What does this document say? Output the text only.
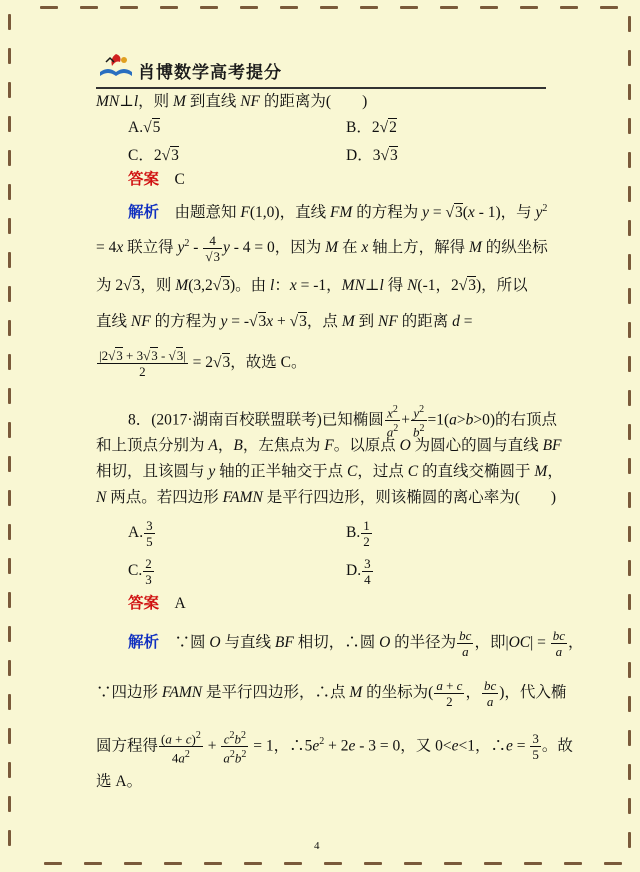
肖博数学高考提分
MN⊥l，则 M 到直线 NF 的距离为(　　)
A.√5	B．2√2
C．2√3	D．3√3
答案　 C
解析　由题意知 F(1,0)，直线 FM 的方程为 y = √3(x - 1)，与 $y^2$
= 4x 联立得 $y^2 - \frac{4}{√3}$ y - 4 = 0，因为 M 在 x 轴上方，解得 M 的纵坐标
为 2√3，则 M(3,2√3)。由 l：x = -1，MN⊥l 得 N(-1，2√3)，所以
直线 NF 的方程为 y = -√3x + √3，点 M 到 NF 的距离 d =
$\frac{|2√3 + 3√3 - √3|}{2} = 2√3$，故选 C。
8．(2017·湖南百校联盟联考)已知椭圆 $\frac{x^2}{a^2} + \frac{y^2}{b^2} =1(a>b>0)$的右顶点
和上顶点分别为 A，B，左焦点为 F。以原点 O 为圆心的圆与直线 BF
相切，且该圆与 y 轴的正半轴交于点 C，过点 C 的直线交椭圆于 M，
N 两点。若四边形 FAMN 是平行四边形，则该椭圆的离心率为(　　)
A. $\frac{3}{5}$	B. $\frac{1}{2}$
C. $\frac{2}{3}$	D. $\frac{3}{4}$
答案　 A
解析　∵圆 O 与直线 BF 相切，∴圆 O 的半径为 $\frac{bc}{a}$ ，即$|OC| = \frac{bc}{a}$ ，
∵四边形 FAMN 是平行四边形，∴点 M 的坐标为( $\frac{a + c}{2}$ ， $\frac{bc}{a}$ )，代入椭
圆方程得 $\frac{(a + c)^2}{4a^2} + \frac{c^2b^2}{a^2b^2} = 1$，$\therefore 5e^2 + 2e - 3 = 0$，又 0<e<1，∴e = $\frac{3}{5}$ 。故
选 A。
4
